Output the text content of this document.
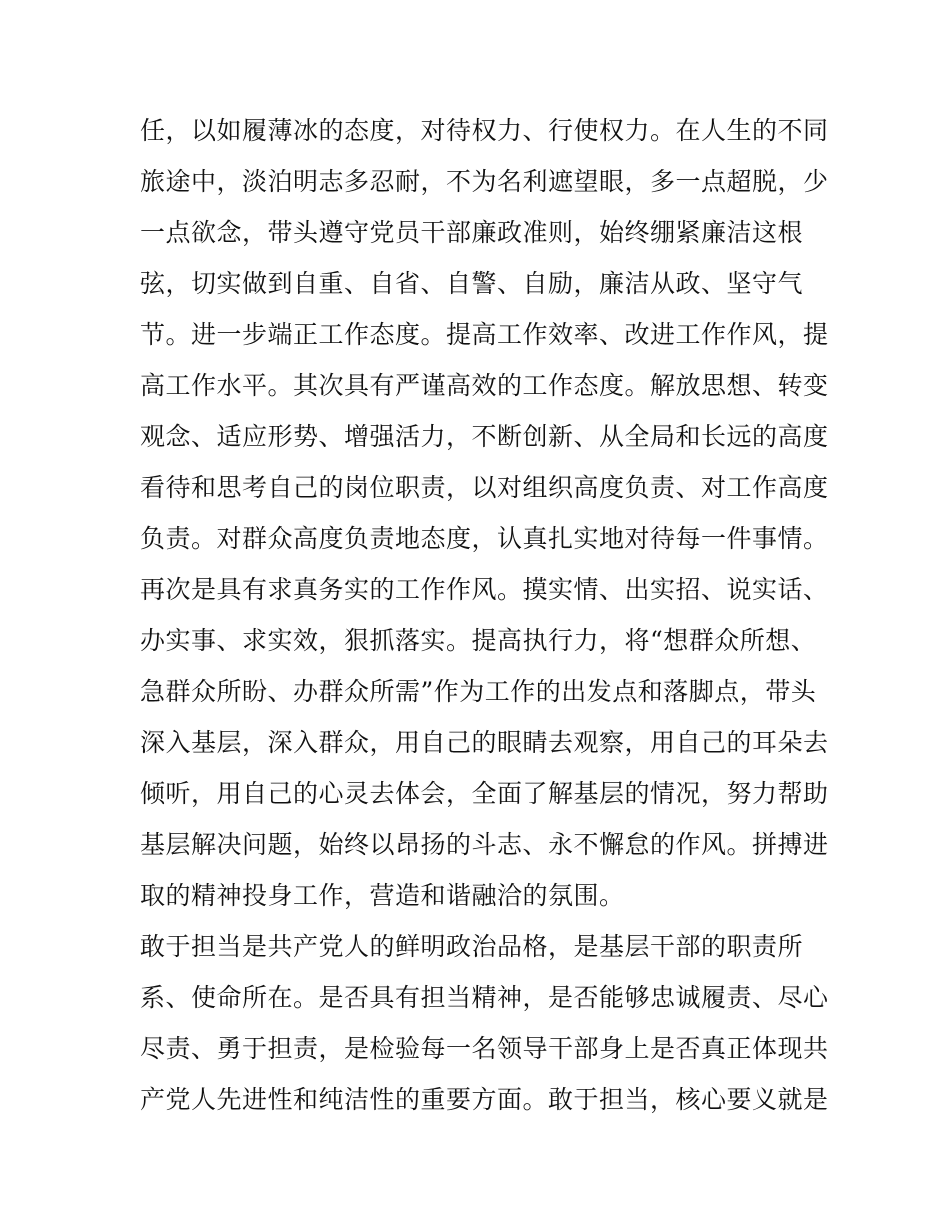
任，以如履薄冰的态度，对待权力、行使权力。在人生的不同
旅途中，淡泊明志多忍耐，不为名利遮望眼，多一点超脱，少
一点欲念，带头遵守党员干部廉政准则，始终绷紧廉洁这根
弦，切实做到自重、自省、自警、自励，廉洁从政、坚守气
节。进一步端正工作态度。提高工作效率、改进工作作风，提
高工作水平。其次具有严谨高效的工作态度。解放思想、转变
观念、适应形势、增强活力，不断创新、从全局和长远的高度
看待和思考自己的岗位职责，以对组织高度负责、对工作高度
负责。对群众高度负责地态度，认真扎实地对待每一件事情。
再次是具有求真务实的工作作风。摸实情、出实招、说实话、
办实事、求实效，狠抓落实。提高执行力，将“想群众所想、
急群众所盼、办群众所需”作为工作的出发点和落脚点，带头
深入基层，深入群众，用自己的眼睛去观察，用自己的耳朵去
倾听，用自己的心灵去体会，全面了解基层的情况，努力帮助
基层解决问题，始终以昂扬的斗志、永不懈怠的作风。拼搏进
取的精神投身工作，营造和谐融洽的氛围。
敢于担当是共产党人的鲜明政治品格，是基层干部的职责所
系、使命所在。是否具有担当精神，是否能够忠诚履责、尽心
尽责、勇于担责，是检验每一名领导干部身上是否真正体现共
产党人先进性和纯洁性的重要方面。敢于担当，核心要义就是
